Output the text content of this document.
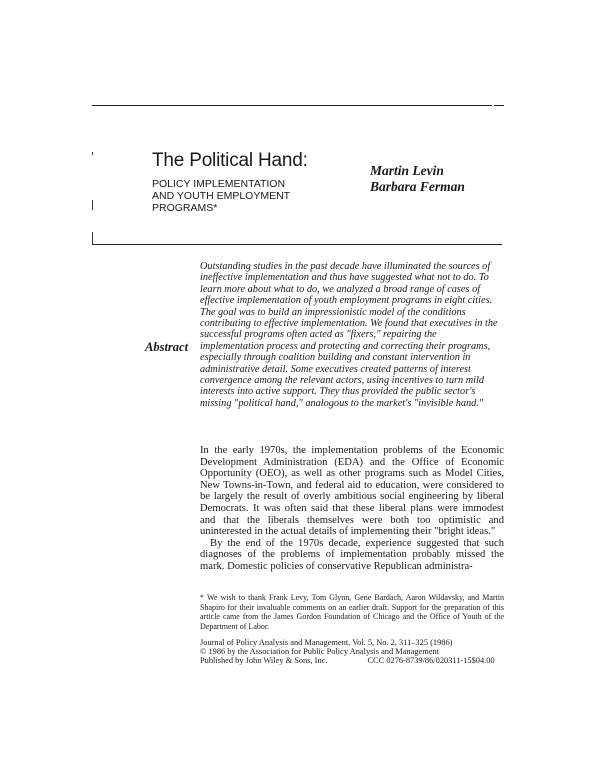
The Political Hand:

POLICY IMPLEMENTATION
AND YOUTH EMPLOYMENT
PROGRAMS*

Martin Levin
Barbara Ferman
Abstract

Outstanding studies in the past decade have illuminated the sources of ineffective implementation and thus have suggested what not to do. To learn more about what to do, we analyzed a broad range of cases of effective implementation of youth employment programs in eight cities. The goal was to build an impressionistic model of the conditions contributing to effective implementation. We found that executives in the successful programs often acted as "fixers," repairing the implementation process and protecting and correcting their programs, especially through coalition building and constant intervention in administrative detail. Some executives created patterns of interest convergence among the relevant actors, using incentives to turn mild interests into active support. They thus provided the public sector's missing "political hand," analogous to the market's "invisible hand."

In the early 1970s, the implementation problems of the Economic Development Administration (EDA) and the Office of Economic Opportunity (OEO), as well as other programs such as Model Cities, New Towns-in-Town, and federal aid to education, were considered to be largely the result of overly ambitious social engineering by liberal Democrats. It was often said that these liberal plans were immodest and that the liberals themselves were both too optimistic and uninterested in the actual details of implementing their "bright ideas."

By the end of the 1970s decade, experience suggested that such diagnoses of the problems of implementation probably missed the mark. Domestic policies of conservative Republican administra-

* We wish to thank Frank Levy, Tom Glynn, Gene Bardach, Aaron Wildavsky, and Martin Shapiro for their invaluable comments on an earlier draft. Support for the preparation of this article came from the James Gordon Foundation of Chicago and the Office of Youth of the Department of Labor.

Journal of Policy Analysis and Management, Vol. 5, No. 2, 311–325 (1986)
© 1986 by the Association for Public Policy Analysis and Management
Published by John Wiley & Sons, Inc.	CCC 0276-8739/86/020311-15$04.00
